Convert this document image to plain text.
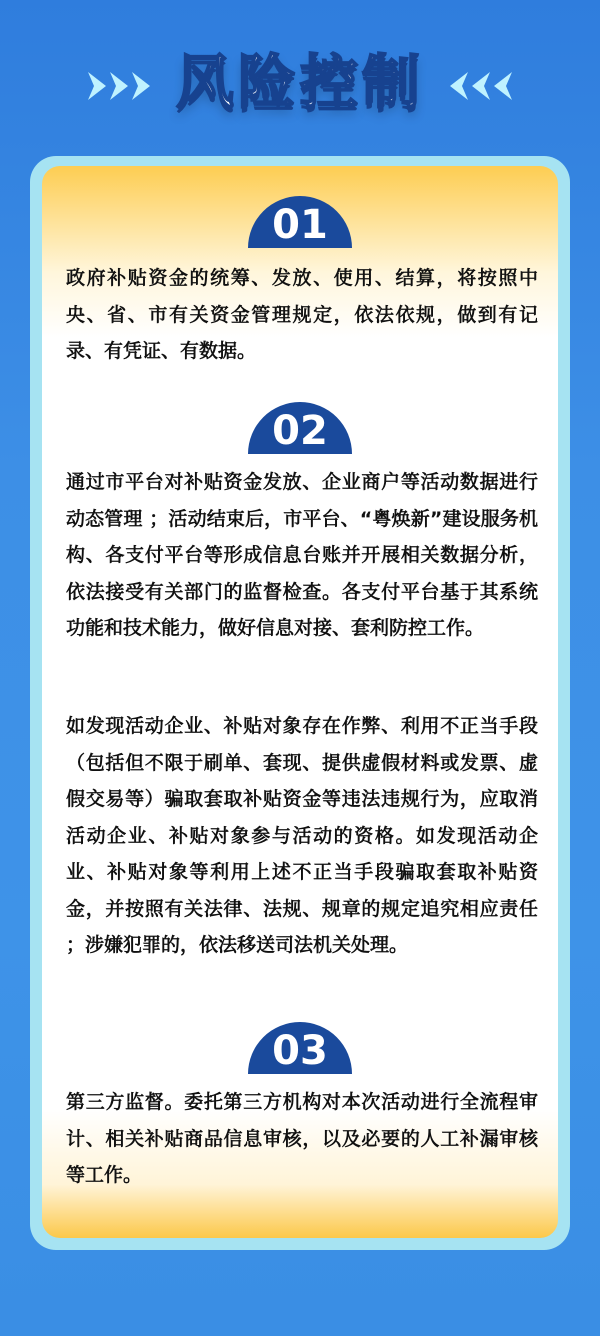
风险控制
01

政府补贴资金的统筹、发放、使用、结算，将按照中央、省、市有关资金管理规定，依法依规，做到有记录、有凭证、有数据。

02

通过市平台对补贴资金发放、企业商户等活动数据进行动态管理 ；活动结束后，市平台、“粤焕新”建设服务机构、各支付平台等形成信息台账并开展相关数据分析，依法接受有关部门的监督检查。各支付平台基于其系统功能和技术能力，做好信息对接、套利防控工作。

如发现活动企业、补贴对象存在作弊、利用不正当手段（包括但不限于刷单、套现、提供虚假材料或发票、虚假交易等）骗取套取补贴资金等违法违规行为，应取消活动企业、补贴对象参与活动的资格。如发现活动企业、补贴对象等利用上述不正当手段骗取套取补贴资金，并按照有关法律、法规、规章的规定追究相应责任 ；涉嫌犯罪的，依法移送司法机关处理。

03

第三方监督。委托第三方机构对本次活动进行全流程审计、相关补贴商品信息审核，以及必要的人工补漏审核等工作。
